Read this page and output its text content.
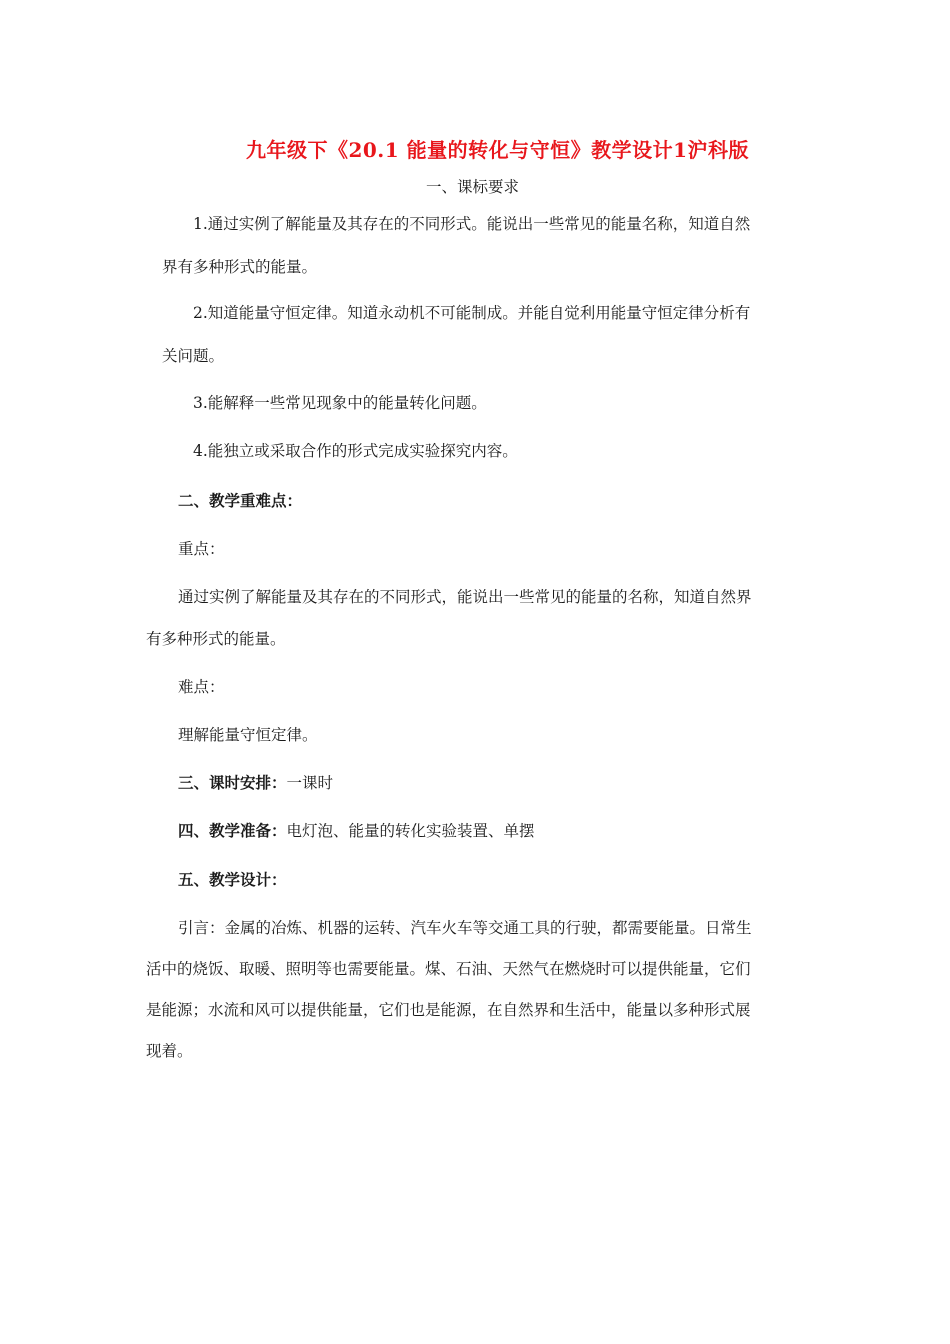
九年级下《20.1 能量的转化与守恒》教学设计1沪科版
一、课标要求
1.通过实例了解能量及其存在的不同形式。能说出一些常见的能量名称，知道自然
界有多种形式的能量。
2.知道能量守恒定律。知道永动机不可能制成。并能自觉利用能量守恒定律分析有
关问题。
3.能解释一些常见现象中的能量转化问题。
4.能独立或采取合作的形式完成实验探究内容。
二、教学重难点：
重点：
通过实例了解能量及其存在的不同形式，能说出一些常见的能量的名称，知道自然界
有多种形式的能量。
难点：
理解能量守恒定律。
三、课时安排：一课时
四、教学准备：电灯泡、能量的转化实验装置、单摆
五、教学设计：
引言：金属的冶炼、机器的运转、汽车火车等交通工具的行驶，都需要能量。日常生
活中的烧饭、取暖、照明等也需要能量。煤、石油、天然气在燃烧时可以提供能量，它们
是能源；水流和风可以提供能量，它们也是能源，在自然界和生活中，能量以多种形式展
现着。
